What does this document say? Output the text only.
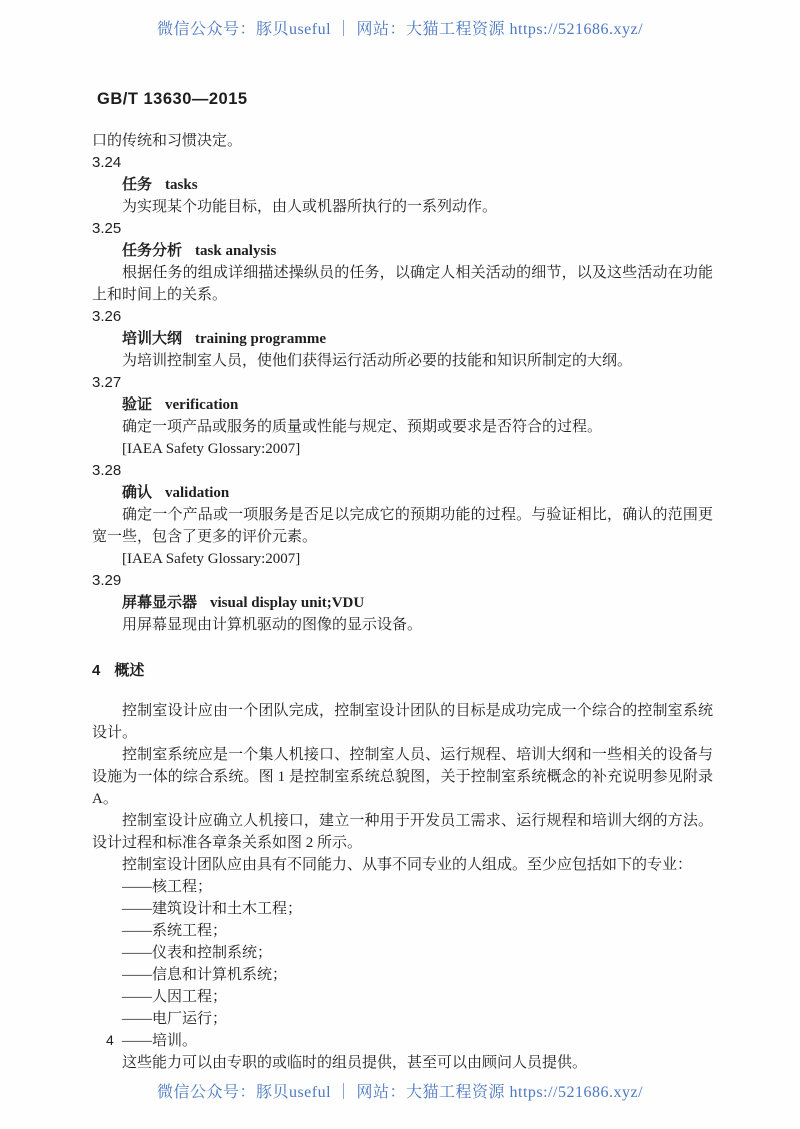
微信公众号：豚贝useful ｜ 网站：大猫工程资源 https://521686.xyz/
GB/T 13630—2015
口的传统和习惯决定。
3.24
任务 tasks
为实现某个功能目标，由人或机器所执行的一系列动作。
3.25
任务分析 task analysis
根据任务的组成详细描述操纵员的任务，以确定人相关活动的细节，以及这些活动在功能上和时间上的关系。
3.26
培训大纲 training programme
为培训控制室人员，使他们获得运行活动所必要的技能和知识所制定的大纲。
3.27
验证 verification
确定一项产品或服务的质量或性能与规定、预期或要求是否符合的过程。
[IAEA Safety Glossary:2007]
3.28
确认 validation
确定一个产品或一项服务是否足以完成它的预期功能的过程。与验证相比，确认的范围更宽一些，包含了更多的评价元素。
[IAEA Safety Glossary:2007]
3.29
屏幕显示器 visual display unit;VDU
用屏幕显现由计算机驱动的图像的显示设备。
4 概述
控制室设计应由一个团队完成，控制室设计团队的目标是成功完成一个综合的控制室系统设计。
控制室系统应是一个集人机接口、控制室人员、运行规程、培训大纲和一些相关的设备与设施为一体的综合系统。图 1 是控制室系统总貌图，关于控制室系统概念的补充说明参见附录 A。
控制室设计应确立人机接口，建立一种用于开发员工需求、运行规程和培训大纲的方法。设计过程和标准各章条关系如图 2 所示。
控制室设计团队应由具有不同能力、从事不同专业的人组成。至少应包括如下的专业：
——核工程；
——建筑设计和土木工程；
——系统工程；
——仪表和控制系统；
——信息和计算机系统；
——人因工程；
——电厂运行；
——培训。
这些能力可以由专职的或临时的组员提供，甚至可以由顾问人员提供。
4
微信公众号：豚贝useful ｜ 网站：大猫工程资源 https://521686.xyz/
